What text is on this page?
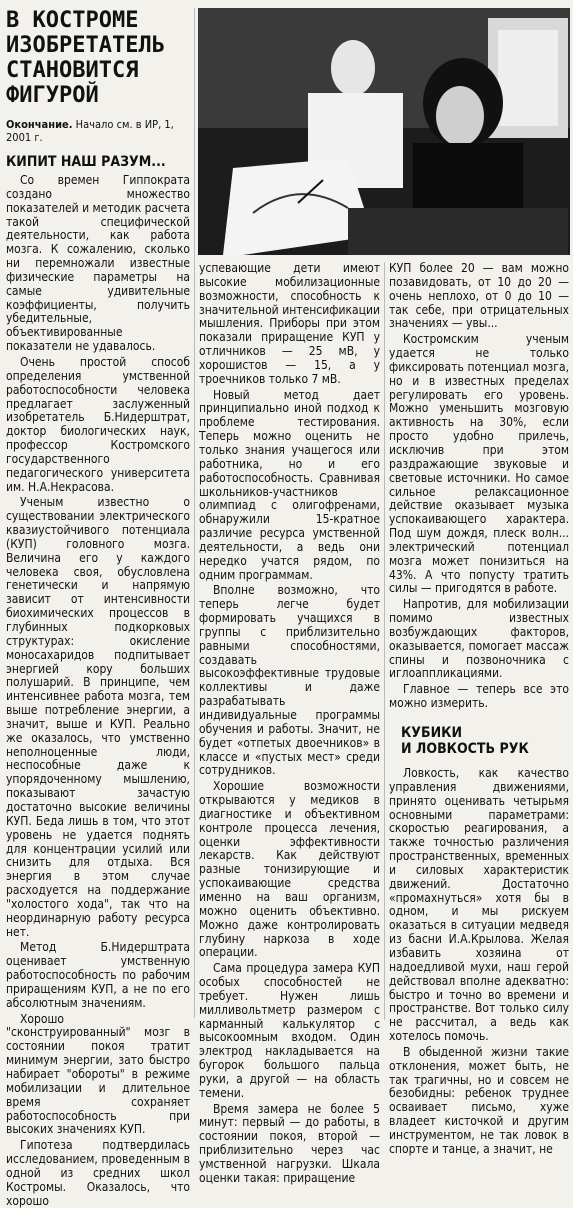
В КОСТРОМЕ
ИЗОБРЕТАТЕЛЬ
СТАНОВИТСЯ
ФИГУРОЙ
Окончание. Начало см. в ИР, 1, 2001 г.
КИПИТ НАШ РАЗУМ...

Со времен Гиппократа создано множество показателей и методик расчета такой специфической деятельности, как работа мозга. К сожалению, сколько ни перемножали известные физические параметры на самые удивительные коэффициенты, получить убедительные, объективированные показатели не удавалось.

Очень простой способ определения умственной работоспособности человека предлагает заслуженный изобретатель Б.Нидерштрат, доктор биологических наук, профессор Костромского государственного педагогического университета им. Н.А.Некрасова.

Ученым известно о существовании электрического квазиустойчивого потенциала (КУП) головного мозга. Величина его у каждого человека своя, обусловлена генетически и напрямую зависит от интенсивности биохимических процессов в глубинных подкорковых структурах: окисление моносахаридов подпитывает энергией кору больших полушарий. В принципе, чем интенсивнее работа мозга, тем выше потребление энергии, а значит, выше и КУП. Реально же оказалось, что умственно неполноценные люди, неспособные даже к упорядоченному мышлению, показывают зачастую достаточно высокие величины КУП. Беда лишь в том, что этот уровень не удается поднять для концентрации усилий или снизить для отдыха. Вся энергия в этом случае расходуется на поддержание "холостого хода", так что на неординарную работу ресурса нет.

Метод Б.Нидерштрата оценивает умственную работоспособность по рабочим приращениям КУП, а не по его абсолютным значениям.

Хорошо "сконструированный" мозг в состоянии покоя тратит минимум энергии, зато быстро набирает "обороты" в режиме мобилизации и длительное время сохраняет работоспособность при высоких значениях КУП.

Гипотеза подтвердилась исследованием, проведенным в одной из средних школ Костромы. Оказалось, что хорошо

успевающие дети имеют высокие мобилизационные возможности, способность к значительной интенсификации мышления. Приборы при этом показали приращение КУП у отличников — 25 мВ, у хорошистов — 15, а у троечников только 7 мВ.

Новый метод дает принципиально иной подход к проблеме тестирования. Теперь можно оценить не только знания учащегося или работника, но и его работоспособность. Сравнивая школьников-участников олимпиад с олигофренами, обнаружили 15-кратное различие ресурса умственной деятельности, а ведь они нередко учатся рядом, по одним программам.

Вполне возможно, что теперь легче будет формировать учащихся в группы с приблизительно равными способностями, создавать высокоэффективные трудовые коллективы и даже разрабатывать индивидуальные программы обучения и работы. Значит, не будет «отпетых двоечников» в классе и «пустых мест» среди сотрудников.

Хорошие возможности открываются у медиков в диагностике и объективном контроле процесса лечения, оценки эффективности лекарств. Как действуют разные тонизирующие и успокаивающие средства именно на ваш организм, можно оценить объективно. Можно даже контролировать глубину наркоза в ходе операции.

Сама процедура замера КУП особых способностей не требует. Нужен лишь милливольтметр размером с карманный калькулятор с высокоомным входом. Один электрод накладывается на бугорок большого пальца руки, а другой — на область темени.

Время замера не более 5 минут: первый — до работы, в состоянии покоя, второй — приблизительно через час умственной нагрузки. Шкала оценки такая: приращение

КУП более 20 — вам можно позавидовать, от 10 до 20 — очень неплохо, от 0 до 10 — так себе, при отрицательных значениях — увы...

Костромским ученым удается не только фиксировать потенциал мозга, но и в известных пределах регулировать его уровень. Можно уменьшить мозговую активность на 30%, если просто удобно прилечь, исключив при этом раздражающие звуковые и световые источники. Но самое сильное релаксационное действие оказывает музыка успокаивающего характера. Под шум дождя, плеск волн... электрический потенциал мозга может понизиться на 43%. А что попусту тратить силы — пригодятся в работе.

Напротив, для мобилизации помимо известных возбуждающих факторов, оказывается, помогает массаж спины и позвоночника с иглоаппликациями.

Главное — теперь все это можно измерить.

КУБИКИ
И ЛОВКОСТЬ РУК

Ловкость, как качество управления движениями, принято оценивать четырьмя основными параметрами: скоростью реагирования, а также точностью различения пространственных, временных и силовых характеристик движений. Достаточно «промахнуться» хотя бы в одном, и мы рискуем оказаться в ситуации медведя из басни И.А.Крылова. Желая избавить хозяина от надоедливой мухи, наш герой действовал вполне адекватно: быстро и точно во времени и пространстве. Вот только силу не рассчитал, а ведь как хотелось помочь.

В обыденной жизни такие отклонения, может быть, не так трагичны, но и совсем не безобидны: ребенок труднее осваивает письмо, хуже владеет кисточкой и другим инструментом, не так ловок в спорте и танце, а значит, не
